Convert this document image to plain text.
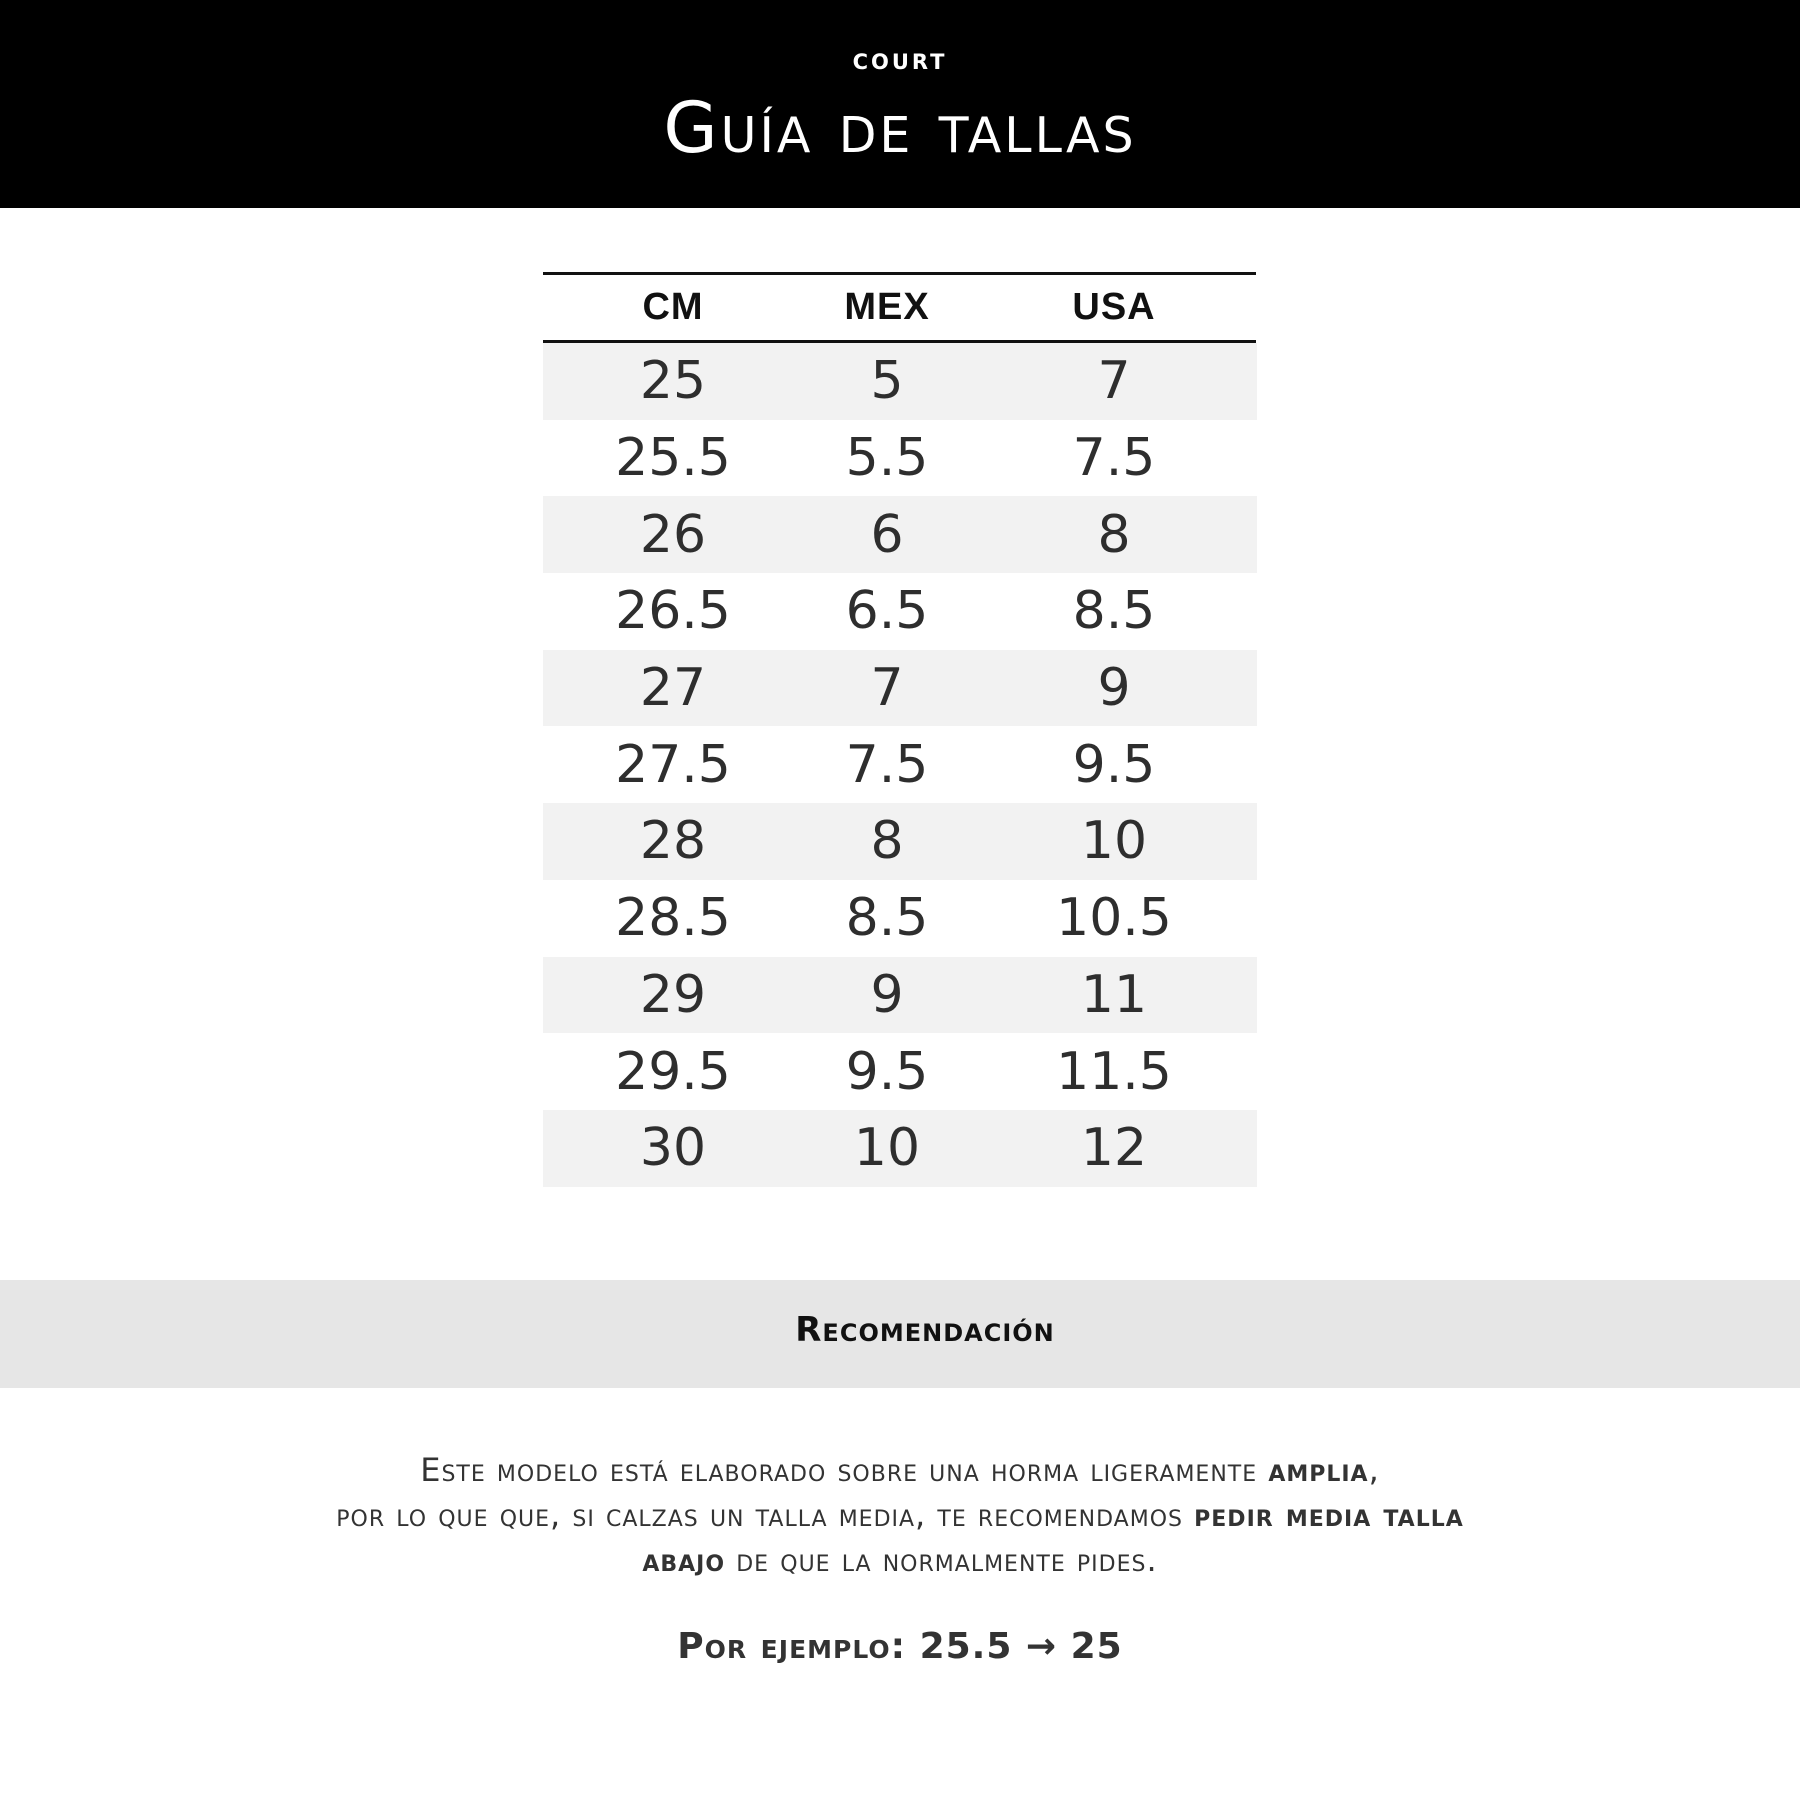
COURT
Guía de tallas
CM	MEX	USA
25	5	7
25.5	5.5	7.5
26	6	8
26.5	6.5	8.5
27	7	9
27.5	7.5	9.5
28	8	10
28.5	8.5	10.5
29	9	11
29.5	9.5	11.5
30	10	12
Recomendación
Este modelo está elaborado sobre una horma ligeramente amplia,
por lo que que, si calzas un talla media, te recomendamos pedir media talla
abajo de que la normalmente pides.
Por ejemplo: 25.5 → 25
